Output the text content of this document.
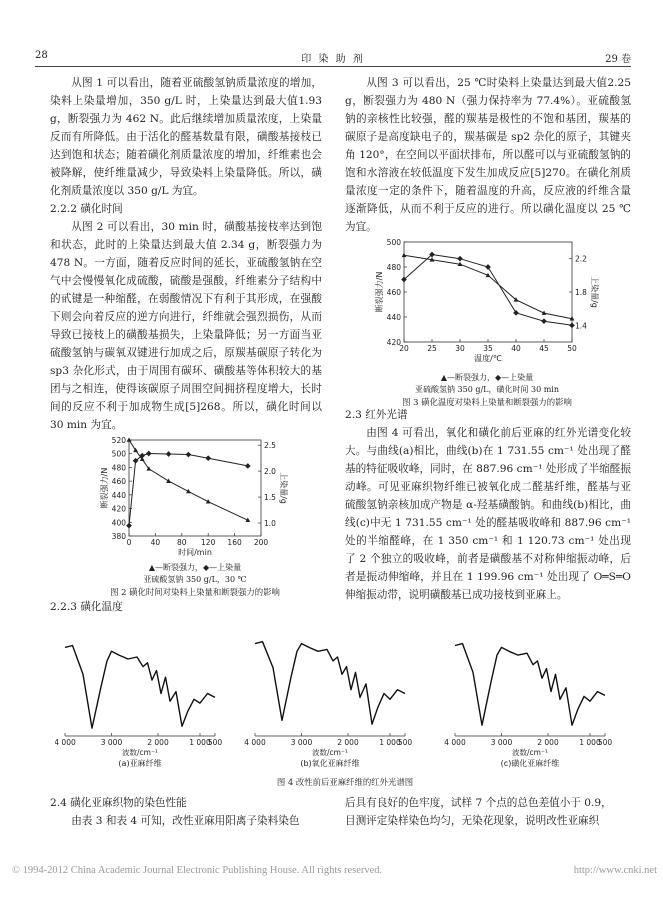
28	印 染 助 剂	29 卷

从图 1 可以看出，随着亚硫酸氢钠质量浓度的增加，染料上染量增加，350 g/L 时，上染量达到最大值1.93 g，断裂强力为 462 N。此后继续增加质量浓度，上染量反而有所降低。由于活化的醛基数量有限，磺酸基接枝已达到饱和状态；随着磺化剂质量浓度的增加，纤维素也会被降解，使纤维量减少，导致染料上染量降低。所以，磺化剂质量浓度以 350 g/L 为宜。

2.2.2 磺化时间

从图 2 可以看出，30 min 时，磺酸基接枝率达到饱和状态，此时的上染量达到最大值 2.34 g，断裂强力为 478 N。一方面，随着反应时间的延长，亚硫酸氢钠在空气中会慢慢氧化成硫酸，硫酸是强酸，纤维素分子结构中的甙键是一种缩醛，在弱酸情况下有利于其形成，在强酸下则会向着反应的逆方向进行，纤维就会强烈损伤，从而导致已接枝上的磺酸基损失，上染量降低；另一方面当亚硫酸氢钠与碳氧双键进行加成之后，原羰基碳原子转化为 sp3 杂化形式，由于周围有碳环、磺酸基等体积较大的基团与之相连，使得该碳原子周围空间拥挤程度增大，长时间的反应不利于加成物生成[5]268。所以，磺化时间以 30 min 为宜。

从图 3 可以看出，25 ℃时染料上染量达到最大值2.25 g，断裂强力为 480 N（强力保持率为 77.4%）。亚硫酸氢钠的亲核性比较强，醛的羰基是极性的不饱和基团，羰基的碳原子是高度缺电子的，羰基碳是 sp2 杂化的原子，其键夹角 120°，在空间以平面状排布，所以醛可以与亚硫酸氢钠的饱和水溶液在较低温度下发生加成反应[5]270。在磺化剂质量浓度一定的条件下，随着温度的升高，反应液的纤维含量逐渐降低，从而不利于反应的进行。所以磺化温度以 25 ℃为宜。

20 25 30 35 40 45 50
500
480
460
440
420
2.2
1.8
1.4
断裂强力/N	上染量/g
温度/℃
▲—断裂强力，◆—上染量
亚硫酸氢钠 350 g/L，磺化时间 30 min
图 3 磺化温度对染料上染量和断裂强力的影响

2.3 红外光谱

由图 4 可看出，氧化和磺化前后亚麻的红外光谱变化较大。与曲线(a)相比，曲线(b)在 1 731.55 cm⁻¹ 处出现了醛基的特征吸收峰，同时，在 887.96 cm⁻¹ 处形成了半缩醛振动峰。可见亚麻织物纤维已被氧化成二醛基纤维，醛基与亚硫酸氢钠亲核加成产物是 α-羟基磺酸钠。和曲线(b)相比，曲线(c)中无 1 731.55 cm⁻¹ 处的醛基吸收峰和 887.96 cm⁻¹ 处的半缩醛峰，在 1 350 cm⁻¹ 和 1 120.73 cm⁻¹ 处出现了 2 个独立的吸收峰，前者是磺酸基不对称伸缩振动峰，后者是振动伸缩峰，并且在 1 199.96 cm⁻¹ 处出现了 O═S═O 伸缩振动带，说明磺酸基已成功接枝到亚麻上。

0	40 80 120 160 200
520
500
480
460
440
420
400
380
2.5
2.0
1.5
1.0
断裂强力/N	上染量/g
时间/min
▲—断裂强力，◆—上染量
亚硫酸氢钠 350 g/L，30 ℃
图 2 磺化时间对染料上染量和断裂强力的影响

2.2.3 磺化温度

4 000	3 000	2 000	1 000
500
波数/cm⁻¹
(a)亚麻纤维
4 000	3 000	2 000	1 000
500
波数/cm⁻¹
(b)氧化亚麻纤维
4 000	3 000	2 000	1 000
500
波数/cm⁻¹
(c)磺化亚麻纤维
图 4 改性前后亚麻纤维的红外光谱图

2.4 磺化亚麻织物的染色性能

由表 3 和表 4 可知，改性亚麻用阳离子染料染色

后具有良好的色牢度，试样 7 个点的总色差值小于 0.9，

目测评定染样染色均匀，无染花现象，说明改性亚麻织

© 1994-2012 China Academic Journal Electronic Publishing House. All rights reserved.	http://www.cnki.net
